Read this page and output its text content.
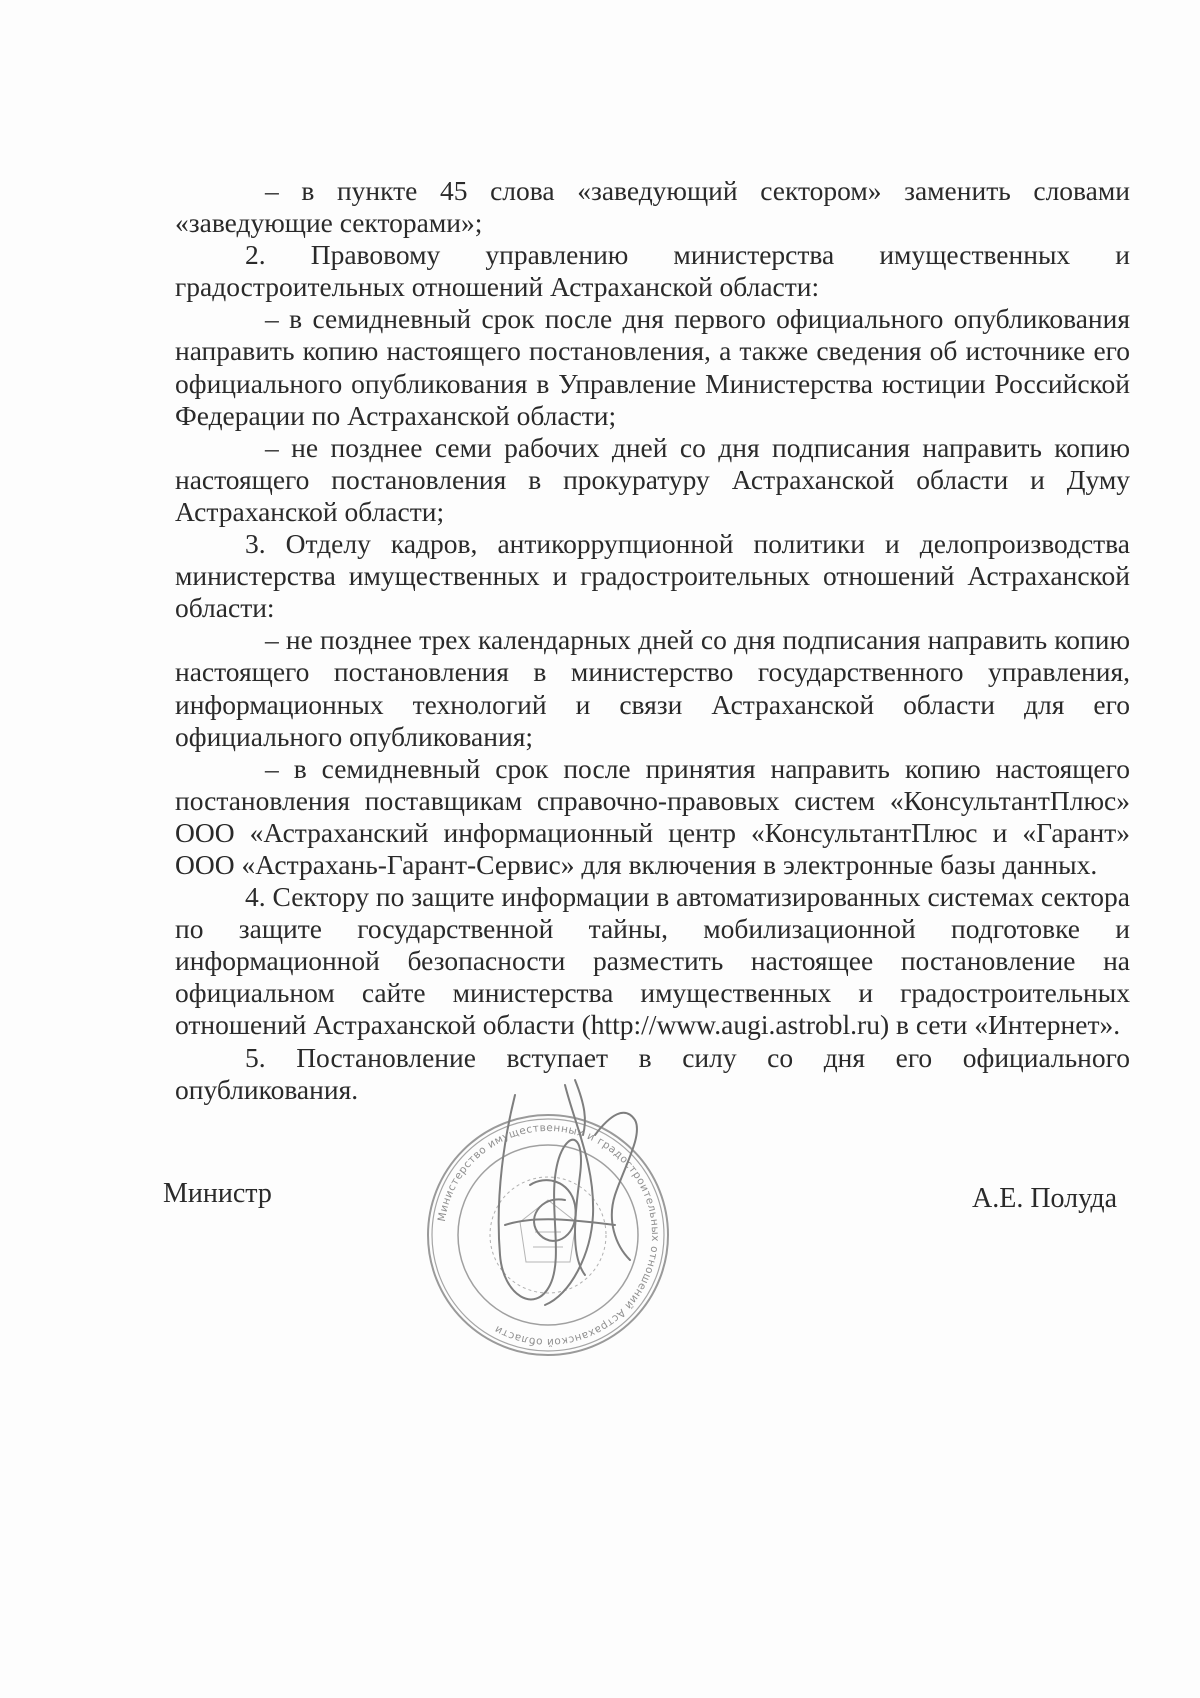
– в пункте 45 слова «заведующий сектором» заменить словами «заведующие секторами»;

2. Правовому управлению министерства имущественных и градостроительных отношений Астраханской области:

– в семидневный срок после дня первого официального опубликования направить копию настоящего постановления, а также сведения об источнике его официального опубликования в Управление Министерства юстиции Российской Федерации по Астраханской области;

– не позднее семи рабочих дней со дня подписания направить копию настоящего постановления в прокуратуру Астраханской области и Думу Астраханской области;

3. Отделу кадров, антикоррупционной политики и делопроизводства министерства имущественных и градостроительных отношений Астраханской области:

– не позднее трех календарных дней со дня подписания направить копию настоящего постановления в министерство государственного управления, информационных технологий и связи Астраханской области для его официального опубликования;

– в семидневный срок после принятия направить копию настоящего постановления поставщикам справочно-правовых систем «КонсультантПлюс» ООО «Астраханский информационный центр «КонсультантПлюс и «Гарант» ООО «Астрахань-Гарант-Сервис» для включения в электронные базы данных.

4. Сектору по защите информации в автоматизированных системах сектора по защите государственной тайны, мобилизационной подготовке и информационной безопасности разместить настоящее постановление на официальном сайте министерства имущественных и градостроительных отношений Астраханской области (http://www.augi.astrobl.ru) в сети «Интернет».

5. Постановление вступает в силу со дня его официального опубликования.

Министр
Министерство имущественных и градостроительных отношений Астраханской области
А.Е. Полуда
